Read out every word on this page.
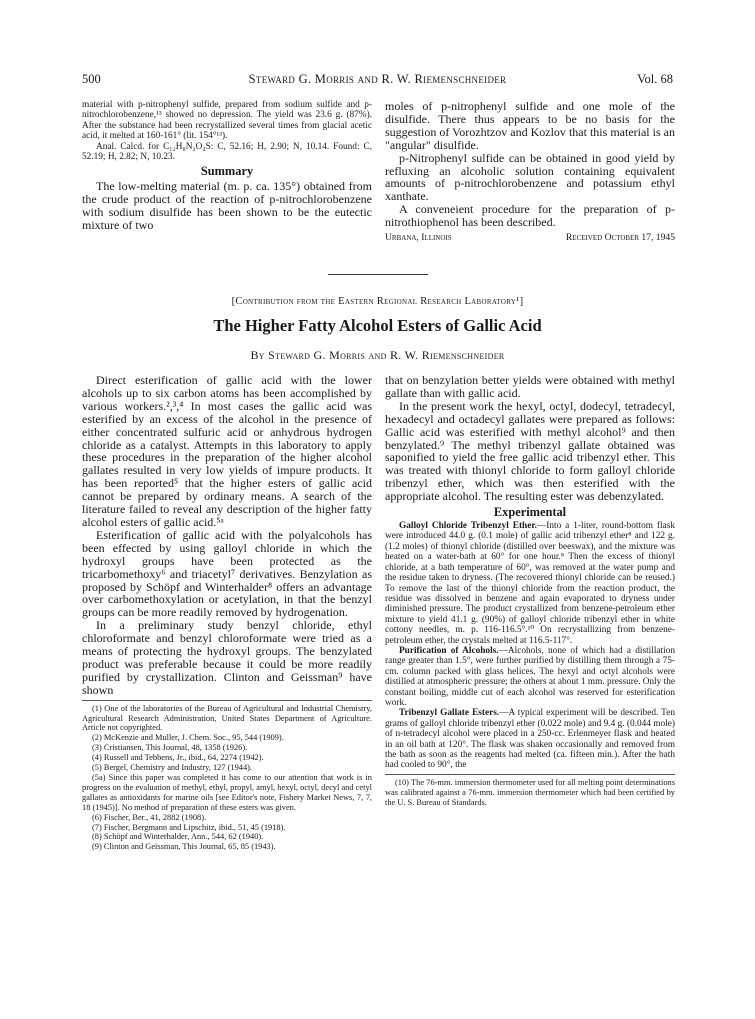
500	Steward G. Morris and R. W. Riemenschneider	Vol. 68

material with p-nitrophenyl sulfide, prepared from sodium sulfide and p-nitrochlorobenzene,¹³ showed no depression. The yield was 23.6 g. (87%). After the substance had been recrystallized several times from glacial acetic acid, it melted at 160-161° (lit. 154°¹³).

Anal. Calcd. for C₁₂H₈N₂O₄S: C, 52.16; H, 2.90; N, 10.14. Found: C, 52.19; H, 2.82; N, 10.23.

Summary

The low-melting material (m. p. ca. 135°) obtained from the crude product of the reaction of p-nitrochlorobenzene with sodium disulfide has been shown to be the eutectic mixture of two

moles of p-nitrophenyl sulfide and one mole of the disulfide. There thus appears to be no basis for the suggestion of Vorozhtzov and Kozlov that this material is an "angular" disulfide.

p-Nitrophenyl sulfide can be obtained in good yield by refluxing an alcoholic solution containing equivalent amounts of p-nitrochlorobenzene and potassium ethyl xanthate.

A conveneient procedure for the preparation of p-nitrothiophenol has been described.

Urbana, Illinois	Received October 17, 1945
[Contribution from the Eastern Regional Research Laboratory¹]
The Higher Fatty Alcohol Esters of Gallic Acid
By Steward G. Morris and R. W. Riemenschneider

Direct esterification of gallic acid with the lower alcohols up to six carbon atoms has been accomplished by various workers.²,³,⁴ In most cases the gallic acid was esterified by an excess of the alcohol in the presence of either concentrated sulfuric acid or anhydrous hydrogen chloride as a catalyst. Attempts in this laboratory to apply these procedures in the preparation of the higher alcohol gallates resulted in very low yields of impure products. It has been reported⁵ that the higher esters of gallic acid cannot be prepared by ordinary means. A search of the literature failed to reveal any description of the higher fatty alcohol esters of gallic acid.⁵ᵃ

Esterification of gallic acid with the polyalcohols has been effected by using galloyl chloride in which the hydroxyl groups have been protected as the tricarbomethoxy⁶ and triacetyl⁷ derivatives. Benzylation as proposed by Schöpf and Winterhalder⁸ offers an advantage over carbomethoxylation or acetylation, in that the benzyl groups can be more readily removed by hydrogenation.

In a preliminary study benzyl chloride, ethyl chloroformate and benzyl chloroformate were tried as a means of protecting the hydroxyl groups. The benzylated product was preferable because it could be more readily purified by crystallization. Clinton and Geissman⁹ have shown

(1) One of the laboratories of the Bureau of Agricultural and Industrial Chemistry, Agricultural Research Administration, United States Department of Agriculture. Article not copyrighted.

(2) McKenzie and Muller, J. Chem. Soc., 95, 544 (1909).

(3) Cristiansen, This Journal, 48, 1358 (1926).

(4) Russell and Tebbens, Jr., ibid., 64, 2274 (1942).

(5) Bergel, Chemistry and Industry, 127 (1944).

(5a) Since this paper was completed it has come to our attention that work is in progress on the evaluation of methyl, ethyl, propyl, amyl, hexyl, octyl, decyl and cetyl gallates as antioxidants for marine oils [see Editor's note, Fishery Market News, 7, 7, 18 (1945)]. No method of preparation of these esters was given.

(6) Fischer, Ber., 41, 2882 (1908).

(7) Fischer, Bergmann and Lipschitz, ibid., 51, 45 (1918).

(8) Schöpf and Winterhalder, Ann., 544, 62 (1940).

(9) Clinton and Geissman, This Journal, 65, 85 (1943).

that on benzylation better yields were obtained with methyl gallate than with gallic acid.

In the present work the hexyl, octyl, dodecyl, tetradecyl, hexadecyl and octadecyl gallates were prepared as follows: Gallic acid was esterified with methyl alcohol⁹ and then benzylated.⁹ The methyl tribenzyl gallate obtained was saponified to yield the free gallic acid tribenzyl ether. This was treated with thionyl chloride to form galloyl chloride tribenzyl ether, which was then esterified with the appropriate alcohol. The resulting ester was debenzylated.

Experimental

Galloyl Chloride Tribenzyl Ether.—Into a 1-liter, round-bottom flask were introduced 44.0 g. (0.1 mole) of gallic acid tribenzyl ether⁸ and 122 g. (1.2 moles) of thionyl chloride (distilled over beeswax), and the mixture was heated on a water-bath at 60° for one hour.⁸ Then the excess of thionyl chloride, at a bath temperature of 60°, was removed at the water pump and the residue taken to dryness. (The recovered thionyl chloride can be reused.) To remove the last of the thionyl chloride from the reaction product, the residue was dissolved in benzene and again evaporated to dryness under diminished pressure. The product crystallized from benzene-petroleum ether mixture to yield 41.1 g. (90%) of galloyl chloride tribenzyl ether in white cottony needles, m. p. 116-116.5°.¹⁰ On recrystallizing from benzene-petroleum ether, the crystals melted at 116.5-117°.

Purification of Alcohols.—Alcohols, none of which had a distillation range greater than 1.5°, were further purified by distilling them through a 75-cm. column packed with glass helices. The hexyl and octyl alcohols were distilled at atmospheric pressure; the others at about 1 mm. pressure. Only the constant boiling, middle cut of each alcohol was reserved for esterification work.

Tribenzyl Gallate Esters.—A typical experiment will be described. Ten grams of galloyl chloride tribenzyl ether (0.022 mole) and 9.4 g. (0.044 mole) of n-tetradecyl alcohol were placed in a 250-cc. Erlenmeyer flask and heated in an oil bath at 120°. The flask was shaken occasionally and removed from the bath as soon as the reagents had melted (ca. fifteen min.). After the bath had cooled to 90°, the

(10) The 76-mm. immersion thermometer used for all melting point determinations was calibrated against a 76-mm. immersion thermometer which had been certified by the U. S. Bureau of Standards.
